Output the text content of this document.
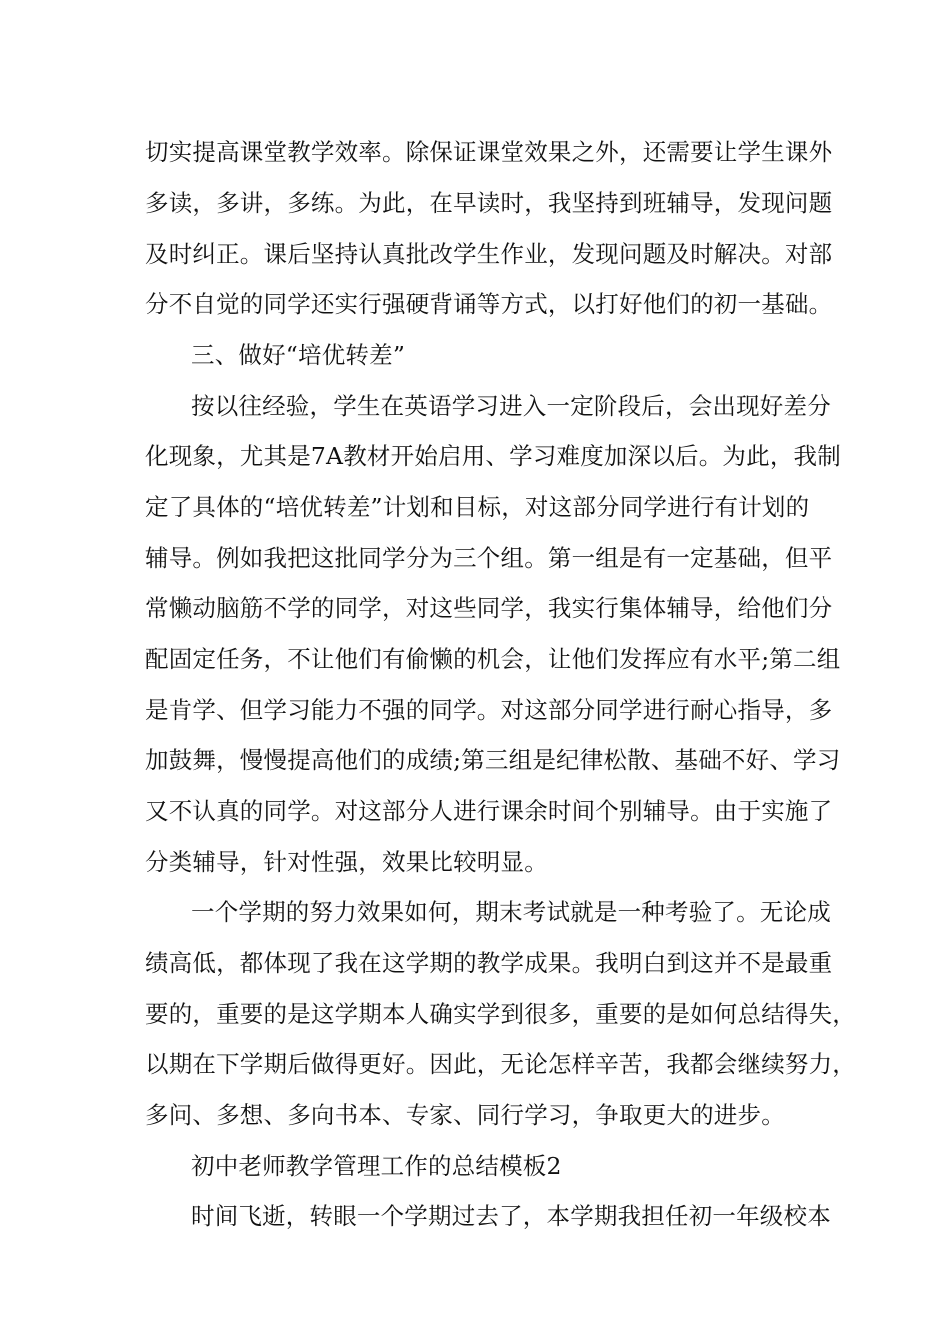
切实提高课堂教学效率。除保证课堂效果之外，还需要让学生课外
多读，多讲，多练。为此，在早读时，我坚持到班辅导，发现问题
及时纠正。课后坚持认真批改学生作业，发现问题及时解决。对部
分不自觉的同学还实行强硬背诵等方式，以打好他们的初一基础。
三、做好“培优转差”
按以往经验，学生在英语学习进入一定阶段后，会出现好差分
化现象，尤其是7A教材开始启用、学习难度加深以后。为此，我制
定了具体的“培优转差”计划和目标，对这部分同学进行有计划的
辅导。例如我把这批同学分为三个组。第一组是有一定基础，但平
常懒动脑筋不学的同学，对这些同学，我实行集体辅导，给他们分
配固定任务，不让他们有偷懒的机会，让他们发挥应有水平;第二组
是肯学、但学习能力不强的同学。对这部分同学进行耐心指导，多
加鼓舞，慢慢提高他们的成绩;第三组是纪律松散、基础不好、学习
又不认真的同学。对这部分人进行课余时间个别辅导。由于实施了
分类辅导，针对性强，效果比较明显。
一个学期的努力效果如何，期末考试就是一种考验了。无论成
绩高低，都体现了我在这学期的教学成果。我明白到这并不是最重
要的，重要的是这学期本人确实学到很多，重要的是如何总结得失，
以期在下学期后做得更好。因此，无论怎样辛苦，我都会继续努力，
多问、多想、多向书本、专家、同行学习，争取更大的进步。
初中老师教学管理工作的总结模板2
时间飞逝，转眼一个学期过去了，本学期我担任初一年级校本
